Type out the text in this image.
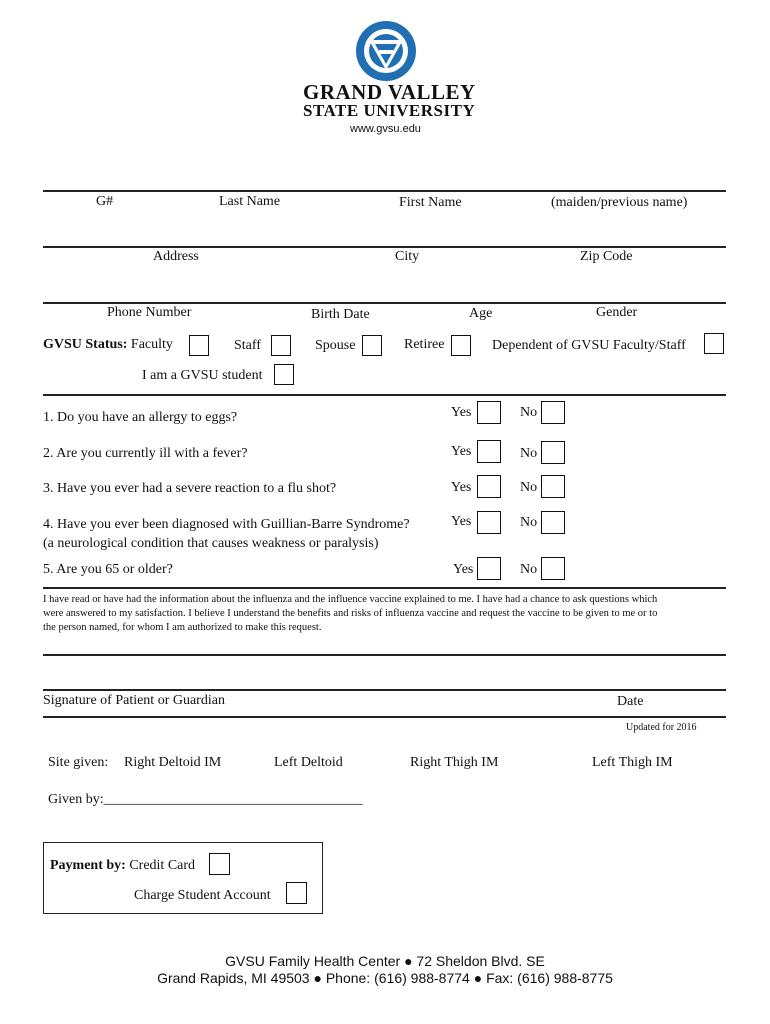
GRAND VALLEY
STATE UNIVERSITY
www.gvsu.edu
G#	Last Name	First Name	(maiden/previous name)
Address	City	Zip Code
Phone Number	Birth Date	Age	Gender
GVSU Status: Faculty	Staff	Spouse	Retiree	Dependent of GVSU Faculty/Staff
I am a GVSU student
1. Do you have an allergy to eggs?	Yes	No
2. Are you currently ill with a fever?	Yes	No
3. Have you ever had a severe reaction to a flu shot?	Yes	No
4. Have you ever been diagnosed with Guillian-Barre Syndrome?
(a neurological condition that causes weakness or paralysis)
Yes	No
5. Are you 65 or older?	Yes	No
I have read or have had the information about the influenza and the influence vaccine explained to me. I have had a chance to ask questions which
were answered to my satisfaction. I believe I understand the benefits and risks of influenza vaccine and request the vaccine to be given to me or to
the person named, for whom I am authorized to make this request.
Signature of Patient or Guardian	Date
Updated for 2016
Site given: Right Deltoid IM	Left Deltoid	Right Thigh IM	Left Thigh IM
Given by:_____________________________________
Payment by: Credit Card
Charge Student Account
GVSU Family Health Center ● 72 Sheldon Blvd. SE
Grand Rapids, MI 49503 ● Phone: (616) 988-8774 ● Fax: (616) 988-8775
